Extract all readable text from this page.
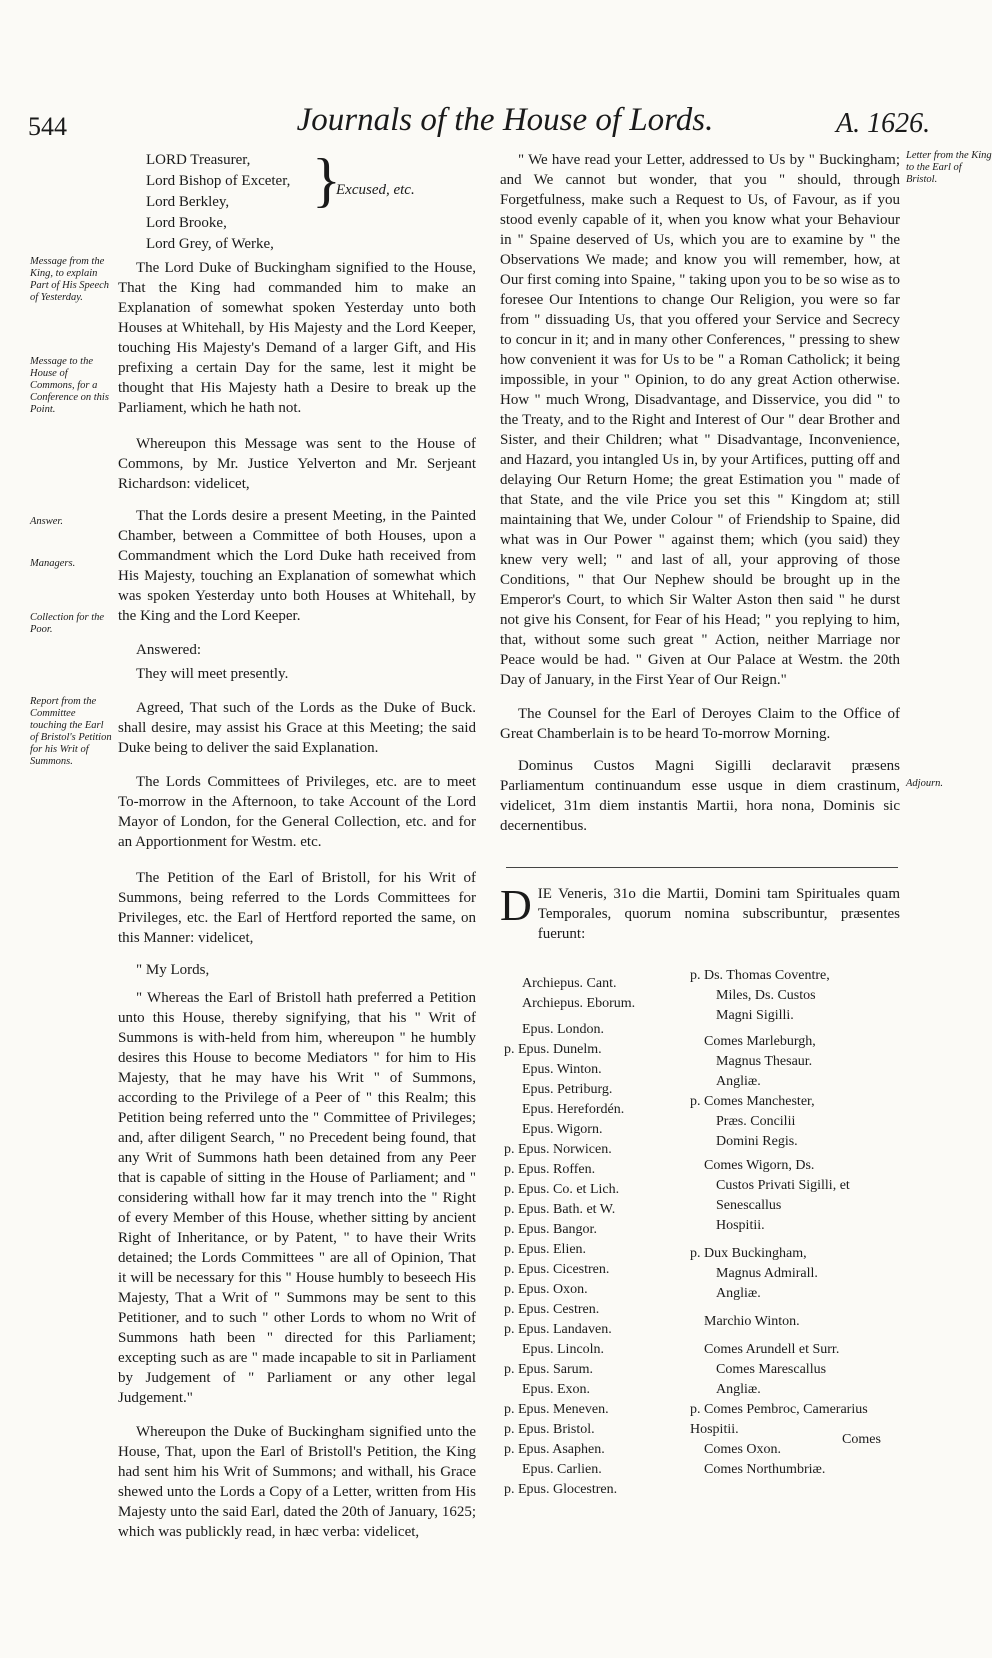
544	Journals of the House of Lords.	A. 1626.
LORD Treasurer,
Lord Bishop of Exceter,
Lord Berkley,
Lord Brooke,
Lord Grey, of Werke,
}
Excused, etc.
Message from the King, to explain Part of His Speech of Yesterday.
Message to the House of Commons, for a Conference on this Point.
Answer.
Managers.
Collection for the Poor.
Report from the Committee touching the Earl of Bristol's Petition for his Writ of Summons.

The Lord Duke of Buckingham signified to the House, That the King had commanded him to make an Explanation of somewhat spoken Yesterday unto both Houses at Whitehall, by His Majesty and the Lord Keeper, touching His Majesty's Demand of a larger Gift, and His prefixing a certain Day for the same, lest it might be thought that His Majesty hath a Desire to break up the Parliament, which he hath not.

Whereupon this Message was sent to the House of Commons, by Mr. Justice Yelverton and Mr. Serjeant Richardson: videlicet,

That the Lords desire a present Meeting, in the Painted Chamber, between a Committee of both Houses, upon a Commandment which the Lord Duke hath received from His Majesty, touching an Explanation of somewhat which was spoken Yesterday unto both Houses at Whitehall, by the King and the Lord Keeper.

Answered:

They will meet presently.

Agreed, That such of the Lords as the Duke of Buck. shall desire, may assist his Grace at this Meeting; the said Duke being to deliver the said Explanation.

The Lords Committees of Privileges, etc. are to meet To-morrow in the Afternoon, to take Account of the Lord Mayor of London, for the General Collection, etc. and for an Apportionment for Westm. etc.

The Petition of the Earl of Bristoll, for his Writ of Summons, being referred to the Lords Committees for Privileges, etc. the Earl of Hertford reported the same, on this Manner: videlicet,

" My Lords,

" Whereas the Earl of Bristoll hath preferred a Petition unto this House, thereby signifying, that his " Writ of Summons is with-held from him, whereupon " he humbly desires this House to become Mediators " for him to His Majesty, that he may have his Writ " of Summons, according to the Privilege of a Peer of " this Realm; this Petition being referred unto the " Committee of Privileges; and, after diligent Search, " no Precedent being found, that any Writ of Summons hath been detained from any Peer that is capable of sitting in the House of Parliament; and " considering withall how far it may trench into the " Right of every Member of this House, whether sitting by ancient Right of Inheritance, or by Patent, " to have their Writs detained; the Lords Committees " are all of Opinion, That it will be necessary for this " House humbly to beseech His Majesty, That a Writ of " Summons may be sent to this Petitioner, and to such " other Lords to whom no Writ of Summons hath been " directed for this Parliament; excepting such as are " made incapable to sit in Parliament by Judgement of " Parliament or any other legal Judgement."

Whereupon the Duke of Buckingham signified unto the House, That, upon the Earl of Bristoll's Petition, the King had sent him his Writ of Summons; and withall, his Grace shewed unto the Lords a Copy of a Letter, written from His Majesty unto the said Earl, dated the 20th of January, 1625; which was publickly read, in hæc verba: videlicet,

Letter from the King to the Earl of Bristol.
Adjourn.

" We have read your Letter, addressed to Us by " Buckingham; and We cannot but wonder, that you " should, through Forgetfulness, make such a Request to Us, of Favour, as if you stood evenly capable of it, when you know what your Behaviour in " Spaine deserved of Us, which you are to examine by " the Observations We made; and know you will remember, how, at Our first coming into Spaine, " taking upon you to be so wise as to foresee Our Intentions to change Our Religion, you were so far from " dissuading Us, that you offered your Service and Secrecy to concur in it; and in many other Conferences, " pressing to shew how convenient it was for Us to be " a Roman Catholick; it being impossible, in your " Opinion, to do any great Action otherwise. How " much Wrong, Disadvantage, and Disservice, you did " to the Treaty, and to the Right and Interest of Our " dear Brother and Sister, and their Children; what " Disadvantage, Inconvenience, and Hazard, you intangled Us in, by your Artifices, putting off and delaying Our Return Home; the great Estimation you " made of that State, and the vile Price you set this " Kingdom at; still maintaining that We, under Colour " of Friendship to Spaine, did what was in Our Power " against them; which (you said) they knew very well; " and last of all, your approving of those Conditions, " that Our Nephew should be brought up in the Emperor's Court, to which Sir Walter Aston then said " he durst not give his Consent, for Fear of his Head; " you replying to him, that, without some such great " Action, neither Marriage nor Peace would be had. " Given at Our Palace at Westm. the 20th Day of January, in the First Year of Our Reign."

The Counsel for the Earl of Deroyes Claim to the Office of Great Chamberlain is to be heard To-morrow Morning.

Dominus Custos Magni Sigilli declaravit præsens Parliamentum continuandum esse usque in diem crastinum, videlicet, 31m diem instantis Martii, hora nona, Dominis sic decernentibus.

DIE Veneris, 31o die Martii, Domini tam Spirituales quam Temporales, quorum nomina subscribuntur, præsentes fuerunt:
Archiepus. Cant.
Archiepus. Eborum.
Epus. London.
p. Epus. Dunelm.
Epus. Winton.
Epus. Petriburg.
Epus. Herefordén.
Epus. Wigorn.
p. Epus. Norwicen.
p. Epus. Roffen.
p. Epus. Co. et Lich.
p. Epus. Bath. et W.
p. Epus. Bangor.
p. Epus. Elien.
p. Epus. Cicestren.
p. Epus. Oxon.
p. Epus. Cestren.
p. Epus. Landaven.
Epus. Lincoln.
p. Epus. Sarum.
Epus. Exon.
p. Epus. Meneven.
p. Epus. Bristol.
p. Epus. Asaphen.
Epus. Carlien.
p. Epus. Glocestren.
p. Ds. Thomas Coventre,
Miles, Ds. Custos
Magni Sigilli.
Comes Marleburgh,
Magnus Thesaur.
Angliæ.
p. Comes Manchester,
Præs. Concilii
Domini Regis.
Comes Wigorn, Ds.
Custos Privati Sigilli, et Senescallus
Hospitii.
p. Dux Buckingham,
Magnus Admirall.
Angliæ.
Marchio Winton.
Comes Arundell et Surr.
Comes Marescallus
Angliæ.
p. Comes Pembroc, Camerarius Hospitii.
Comes Oxon.
Comes Northumbriæ.
Comes
